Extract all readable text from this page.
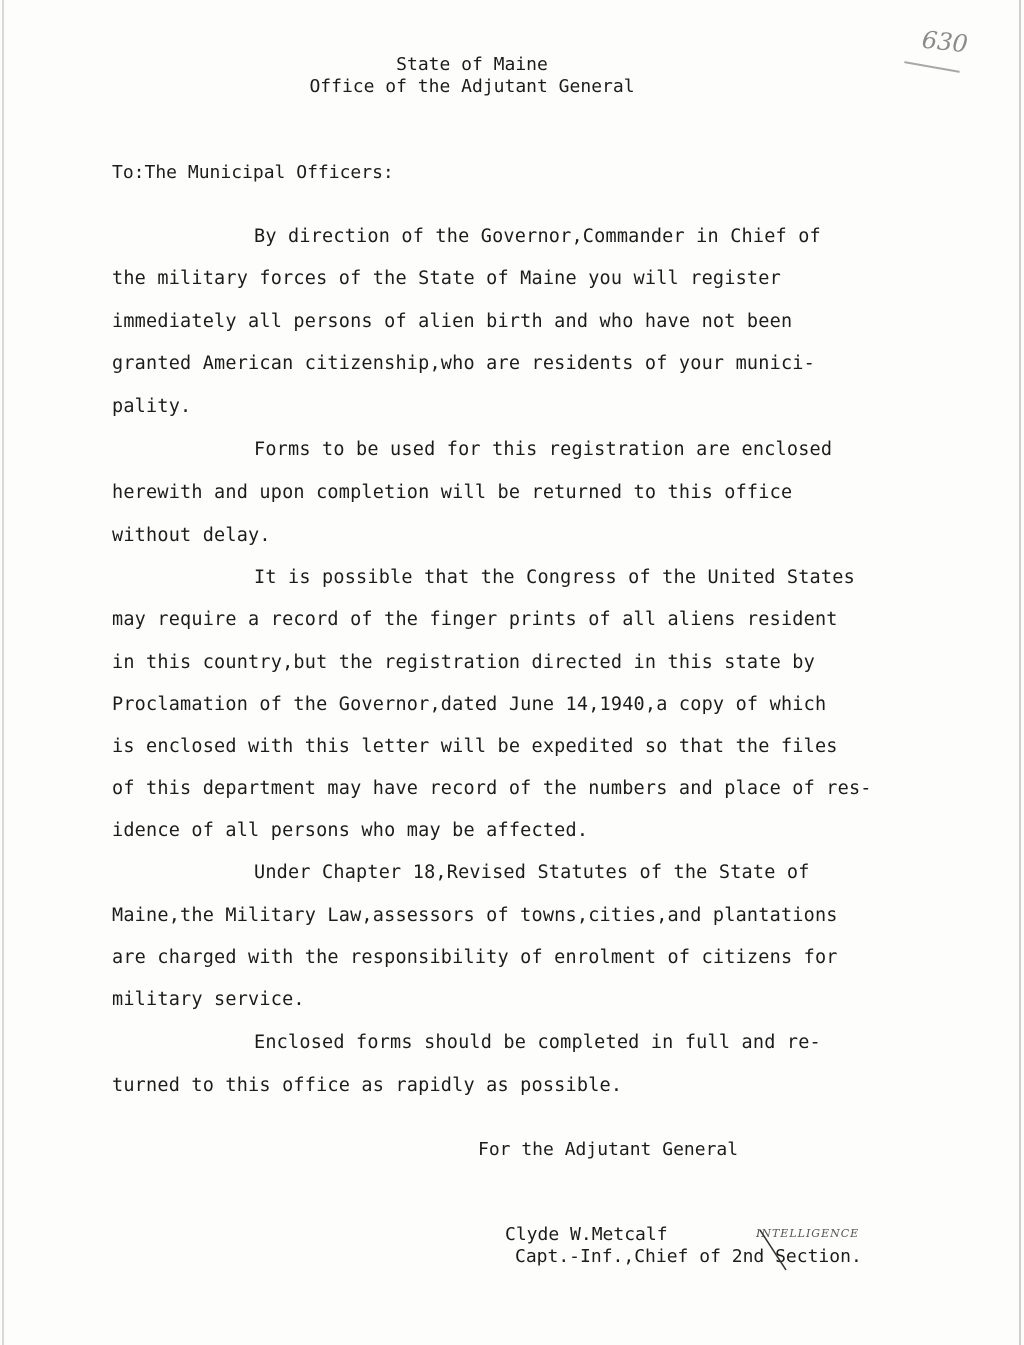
630
State of Maine
Office of the Adjutant General
To:The Municipal Officers:
By direction of the Governor,Commander in Chief of
the military forces of the State of Maine you will register
immediately all persons of alien birth and who have not been
granted American citizenship,who are residents of your munici-
pality.
Forms to be used for this registration are enclosed
herewith and upon completion will be returned to this office
without delay.
It is possible that the Congress of the United States
may require a record of the finger prints of all aliens resident
in this country,but the registration directed in this state by
Proclamation of the Governor,dated June 14,1940,a copy of which
is enclosed with this letter will be expedited so that the files
of this department may have record of the numbers and place of res-
idence of all persons who may be affected.
Under Chapter 18,Revised Statutes of the State of
Maine,the Military Law,assessors of towns,cities,and plantations
are charged with the responsibility of enrolment of citizens for
military service.
Enclosed forms should be completed in full and re-
turned to this office as rapidly as possible.
For the Adjutant General
Clyde W.Metcalf
Capt.-Inf.,Chief of 2nd Section.
INTELLIGENCE
